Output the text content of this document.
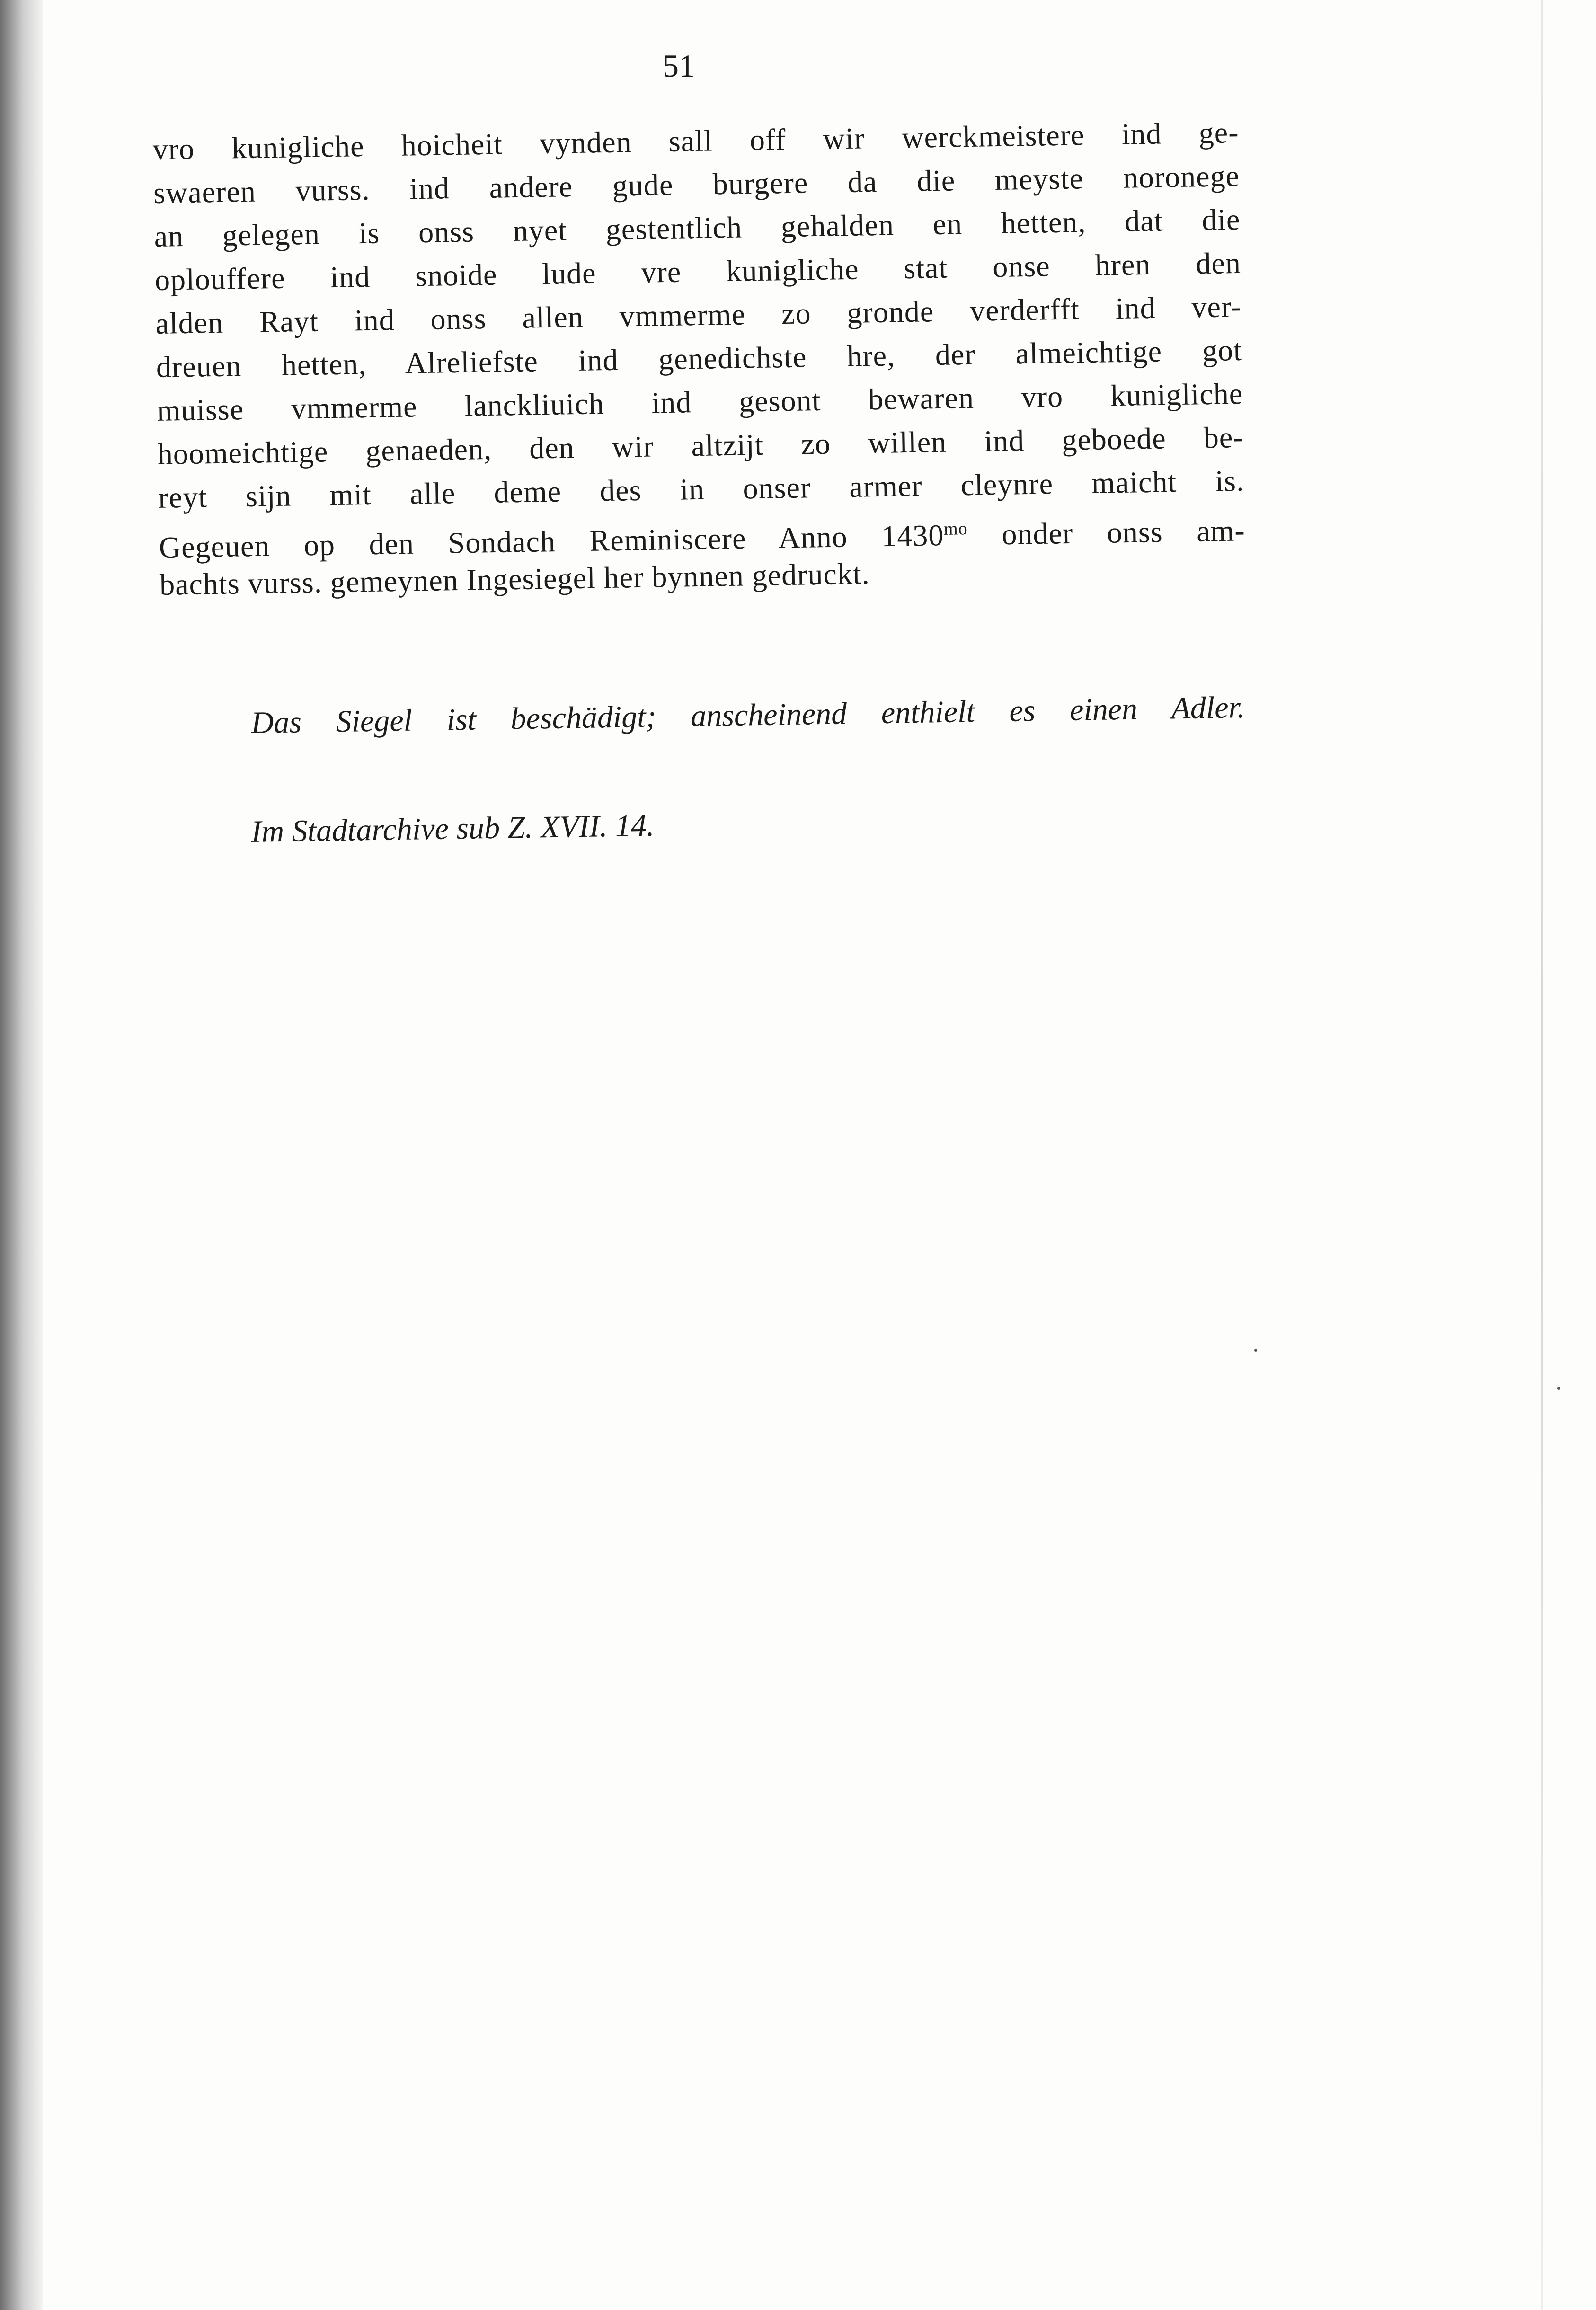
51
vro kunigliche hoicheit vynden sall off wir werckmeistere ind ge-
swaeren vurss. ind andere gude burgere da die meyste noronege
an gelegen is onss nyet gestentlich gehalden en hetten, dat die
oplouffere ind snoide lude vre kunigliche stat onse hren den
alden Rayt ind onss allen vmmerme zo gronde verderfft ind ver-
dreuen hetten, Alreliefste ind genedichste hre, der almeichtige got
muisse vmmerme lanckliuich ind gesont bewaren vro kunigliche
hoomeichtige genaeden, den wir altzijt zo willen ind geboede be-
reyt sijn mit alle deme des in onser armer cleynre maicht is.
Gegeuen op den Sondach Reminiscere Anno $1430^{mo}$ onder onss am-
bachts vurss. gemeynen Ingesiegel her bynnen gedruckt.
Das Siegel ist beschädigt; anscheinend enthielt es einen Adler.
Im Stadtarchive sub Z. XVII. 14.
